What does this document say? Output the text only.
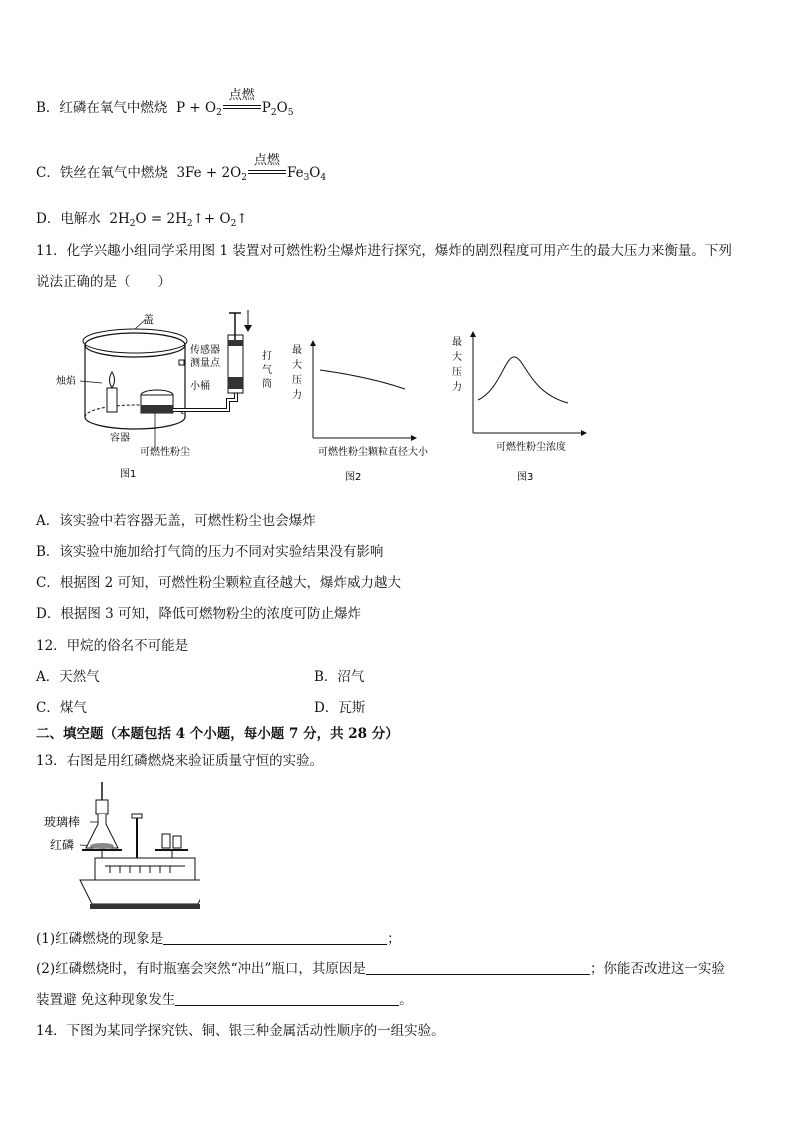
B．红磷在氧气中燃烧 $P + O_2$
点燃
$P_2O_5$
C．铁丝在氧气中燃烧 $3Fe + 2O_2$
点燃
$Fe_3O_4$
D．电解水 $2H_2O$ = $2H_2↑+$ $O_2↑$
11．化学兴趣小组同学采用图 1 装置对可燃性粉尘爆炸进行探究，爆炸的剧烈程度可用产生的最大压力来衡量。下列
说法正确的是（　　）
盖
传感器
测量点
打
气
筒
烛焰	小桶
容器
可燃性粉尘
图1
最
大
压
力
可燃性粉尘颗粒直径大小
图2
最
大
压
力
可燃性粉尘浓度
图3
A．该实验中若容器无盖，可燃性粉尘也会爆炸
B．该实验中施加给打气筒的压力不同对实验结果没有影响
C．根据图 2 可知，可燃性粉尘颗粒直径越大，爆炸威力越大
D．根据图 3 可知，降低可燃物粉尘的浓度可防止爆炸
12．甲烷的俗名不可能是
A．天然气	B．沼气
C．煤气	D．瓦斯
二、填空题（本题包括 4 个小题，每小题 7 分，共 28 分）
13．右图是用红磷燃烧来验证质量守恒的实验。
玻璃棒
红磷
(1)红磷燃烧的现象是	；
(2)红磷燃烧时，有时瓶塞会突然“冲出”瓶口，其原因是	；你能否改进这一实验
装置避 免这种现象发生	。
14．下图为某同学探究铁、铜、银三种金属活动性顺序的一组实验。
